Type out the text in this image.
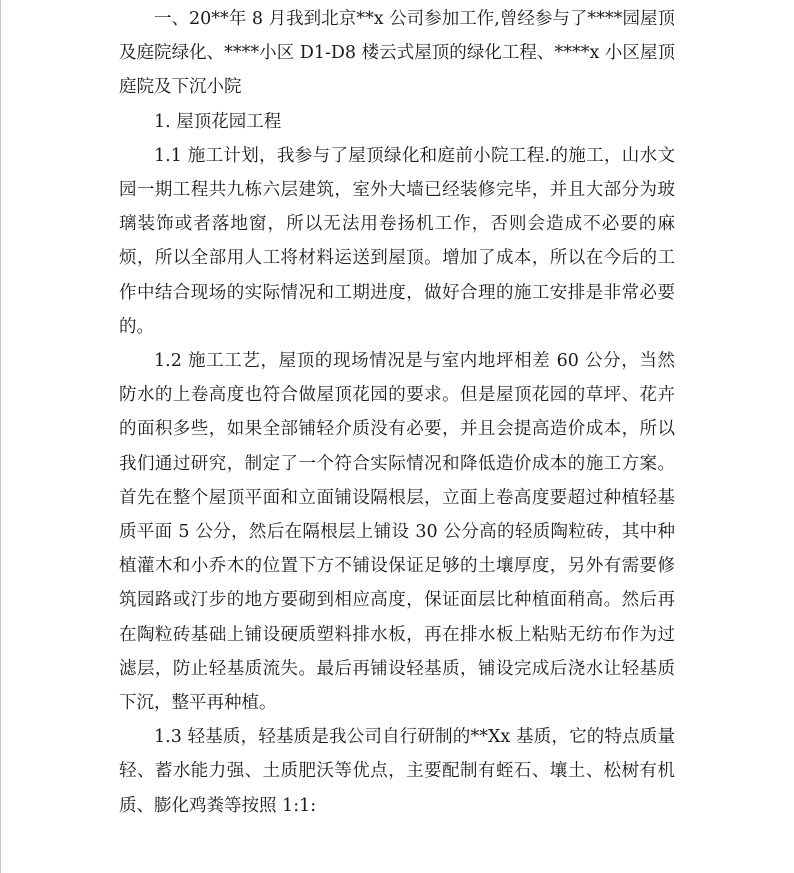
一、20**年 8 月我到北京**x 公司参加工作,曾经参与了****园屋顶及庭院绿化、****小区 D1-D8 楼云式屋顶的绿化工程、****x 小区屋顶庭院及下沉小院

1. 屋顶花园工程

1.1 施工计划，我参与了屋顶绿化和庭前小院工程.的施工，山水文园一期工程共九栋六层建筑，室外大墙已经装修完毕，并且大部分为玻璃装饰或者落地窗，所以无法用卷扬机工作，否则会造成不必要的麻烦，所以全部用人工将材料运送到屋顶。增加了成本，所以在今后的工作中结合现场的实际情况和工期进度，做好合理的施工安排是非常必要的。

1.2 施工工艺，屋顶的现场情况是与室内地坪相差 60 公分，当然防水的上卷高度也符合做屋顶花园的要求。但是屋顶花园的草坪、花卉的面积多些，如果全部铺轻介质没有必要，并且会提高造价成本，所以我们通过研究，制定了一个符合实际情况和降低造价成本的施工方案。首先在整个屋顶平面和立面铺设隔根层，立面上卷高度要超过种植轻基质平面 5 公分，然后在隔根层上铺设 30 公分高的轻质陶粒砖，其中种植灌木和小乔木的位置下方不铺设保证足够的土壤厚度，另外有需要修筑园路或汀步的地方要砌到相应高度，保证面层比种植面稍高。然后再在陶粒砖基础上铺设硬质塑料排水板，再在排水板上粘贴无纺布作为过滤层，防止轻基质流失。最后再铺设轻基质，铺设完成后浇水让轻基质下沉，整平再种植。

1.3 轻基质，轻基质是我公司自行研制的**Xx 基质，它的特点质量轻、蓄水能力强、土质肥沃等优点，主要配制有蛭石、壤土、松树有机质、膨化鸡粪等按照 1:1:
